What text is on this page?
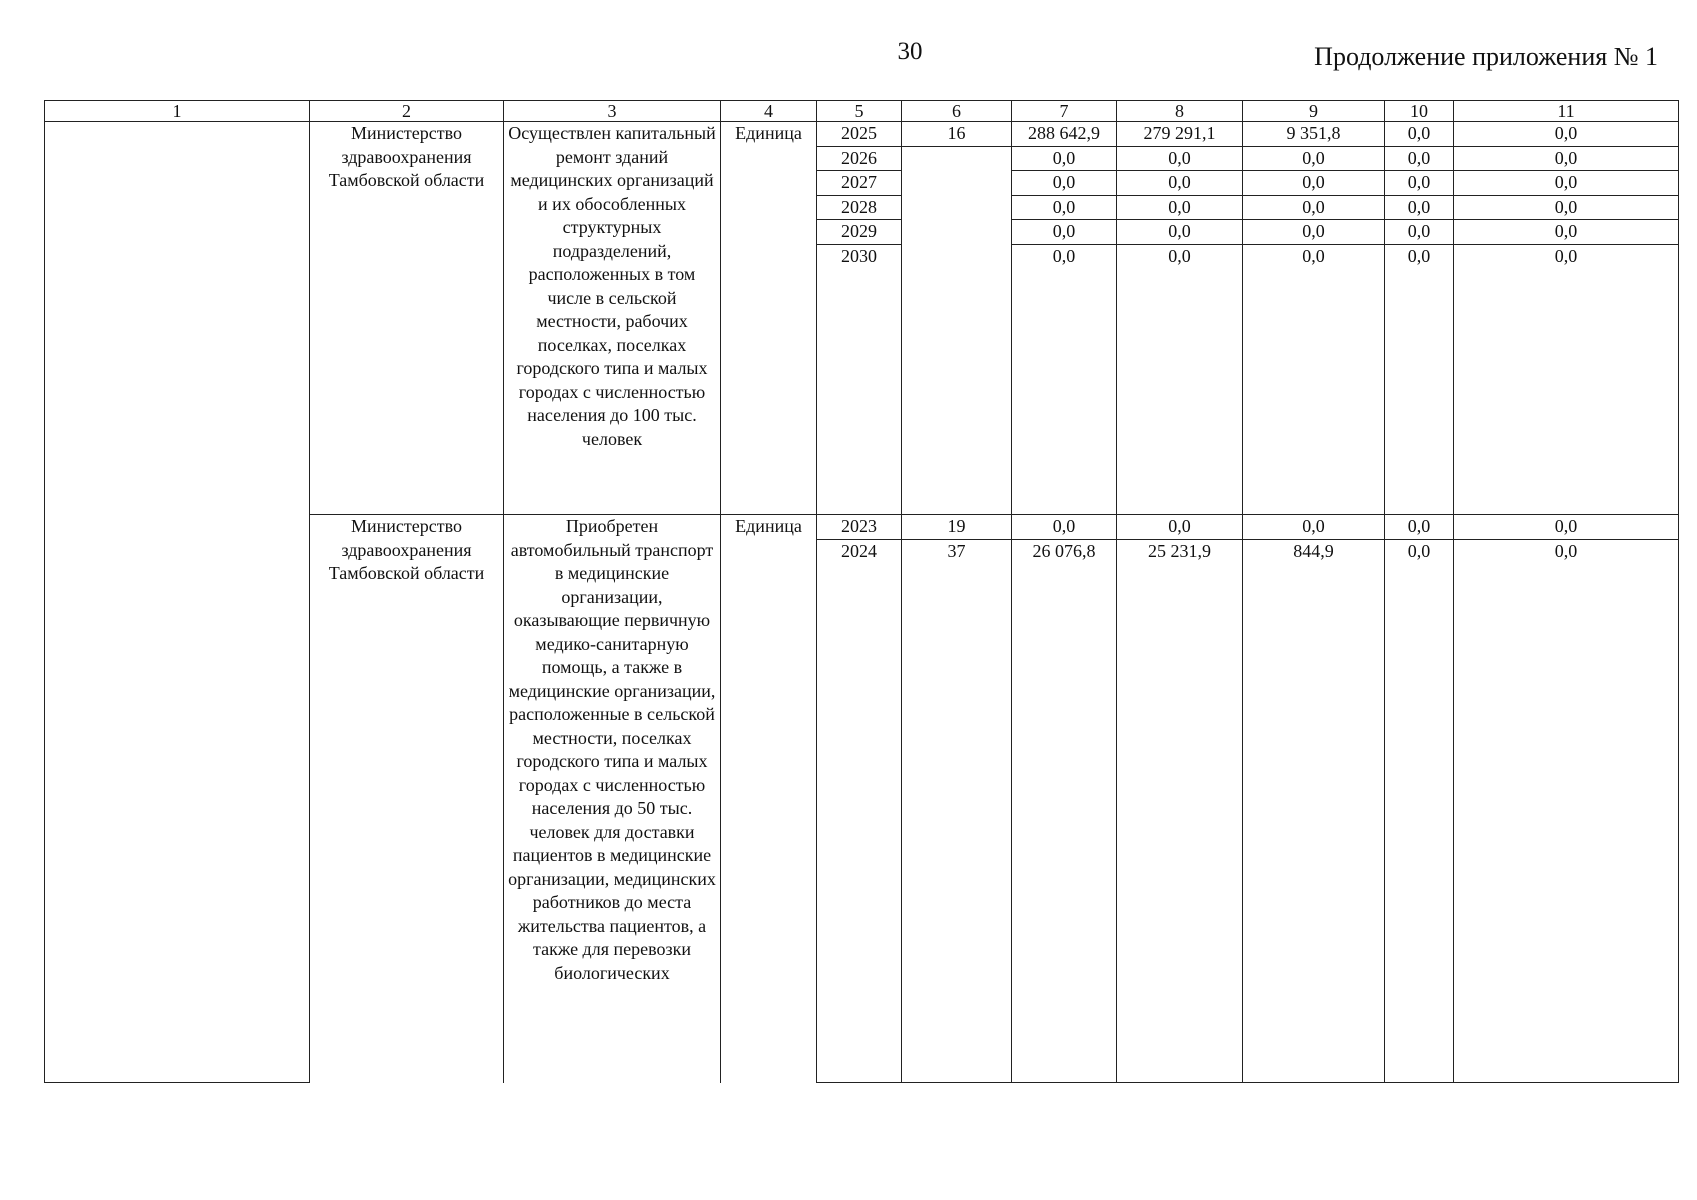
30	Продолжение приложения № 1
1	2	3	4	5	6	7	8	9	10	11
	Министерство здравоохранения Тамбовской области	Осуществлен капитальный ремонт зданий медицинских организаций и их обособленных структурных подразделений, расположенных в том числе в сельской местности, рабочих поселках, поселках городского типа и малых городах с численностью населения до 100 тыс. человек	Единица	2025	16	288 642,9	279 291,1	9 351,8	0,0	0,0
				2026		0,0	0,0	0,0	0,0	0,0
				2027		0,0	0,0	0,0	0,0	0,0
				2028		0,0	0,0	0,0	0,0	0,0
				2029		0,0	0,0	0,0	0,0	0,0
				2030		0,0	0,0	0,0	0,0	0,0

	Министерство здравоохранения Тамбовской области	Приобретен автомобильный транспорт в медицинские организации, оказывающие первичную медико-санитарную помощь, а также в медицинские организации, расположенные в сельской местности, поселках городского типа и малых городах с численностью населения до 50 тыс. человек для доставки пациентов в медицинские организации, медицинских работников до места жительства пациентов, а также для перевозки биологических	Единица	2023	19	0,0	0,0	0,0	0,0	0,0
				2024	37	26 076,8	25 231,9	844,9	0,0	0,0
